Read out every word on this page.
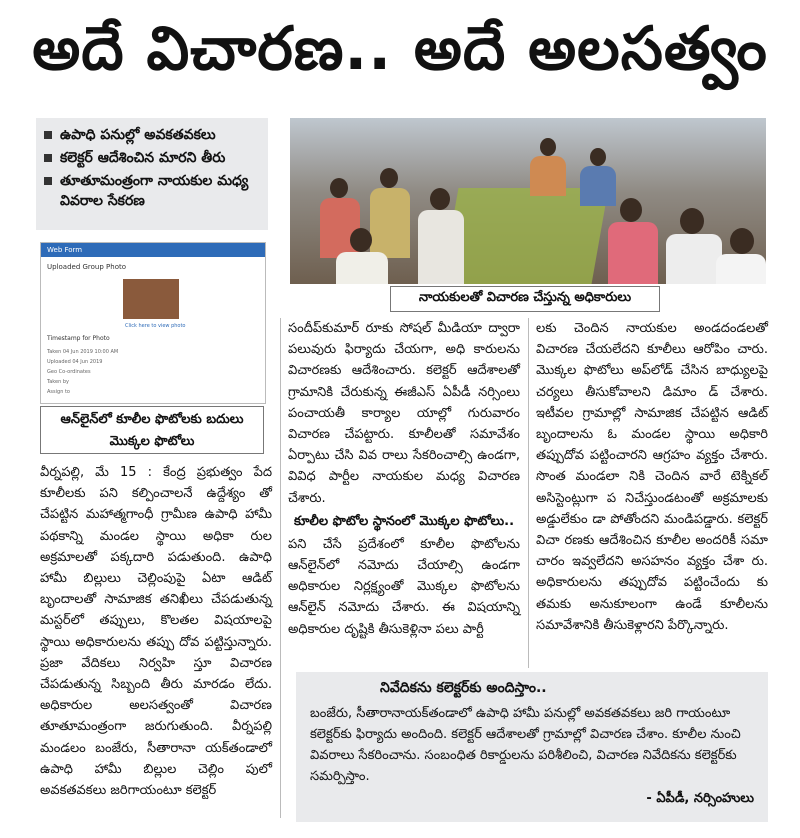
అదే విచారణ.. అదే అలసత్వం
ఉపాధి పనుల్లో అవకతవకలు
కలెక్టర్ ఆదేశించిన మారని తీరు
తూతూమంత్రంగా నాయకుల మధ్య వివరాల సేకరణ
నాయకులతో విచారణ చేస్తున్న అధికారులు
Web Form
Uploaded Group Photo
Click here to view photo
Timestamp for Photo
Taken 04 Jun 2019 10:00 AM
Uploaded 04 Jun 2019
Geo Co-ordinates
Taken by
Assign to
ఆన్‌లైన్‌లో కూలీల ఫొటోలకు బదులు మొక్కల ఫొటోలు
వీర్నపల్లి, మే 15 : కేంద్ర ప్రభుత్వం పేద కూలీలకు పని కల్పించాలనే ఉద్దేశ్యం తో చేపట్టిన మహాత్మగాంధీ గ్రామీణ ఉపాధి హామీ పథకాన్ని మండల స్థాయి అధికా రుల అక్రమాలతో పక్కదారి పడుతుంది. ఉపాధి హామీ బిల్లులు చెల్లింపుపై ఏటా ఆడిట్ బృందాలతో సామాజిక తనిఖీలు చేపడుతున్న మస్టర్‌లో తప్పులు, కొలతల విషయాలపై స్థాయి అధికారులను తప్పు దోవ పట్టిస్తున్నారు. ప్రజా వేదికలు నిర్వహి స్తూ విచారణ చేపడుతున్న సిబ్బంది తీరు మారడం లేదు. అధికారుల అలసత్వంతో విచారణ తూతూమంత్రంగా జరుగుతుంది. వీర్నపల్లి మండలం బంజేరు, సీతారానా యక్‌తండాలో ఉపాధి హామీ బిల్లుల చెల్లిం పులో అవకతవకలు జరిగాయంటూ కలెక్టర్
సందీప్‌కుమార్ రూకు సోషల్ మీడియా ద్వారా పలువురు ఫిర్యాదు చేయగా, అధి కారులను విచారణకు ఆదేశించారు. కలెక్టర్ ఆదేశాలతో గ్రామానికి చేరుకున్న ఈజీఎస్ ఏపీడీ నర్సింలు పంచాయతీ కార్యాల యాల్లో గురువారం విచారణ చేపట్టారు. కూలీలతో సమావేశం ఏర్పాటు చేసి వివ రాలు సేకరించాల్సి ఉండగా, వివిధ పార్టీల నాయకుల మధ్య విచారణ చేశారు.
కూలీల ఫొటోల స్థానంలో మొక్కల ఫొటోలు..
పని చేసే ప్రదేశంలో కూలీల ఫొటోలను ఆన్‌లైన్‌లో నమోదు చేయాల్సి ఉండగా అధికారుల నిర్లక్ష్యంతో మొక్కల ఫొటోలను ఆన్‌లైన్ నమోదు చేశారు. ఈ విషయాన్ని అధికారుల దృష్టికి తీసుకెళ్లినా పలు పార్టీ
లకు చెందిన నాయకుల అండదండలతో విచారణ చేయలేదని కూలీలు ఆరోపిం చారు. మొక్కల ఫొటోలు అప్‌లోడ్ చేసిన బాధ్యులపై చర్యలు తీసుకోవాలని డిమాం డ్ చేశారు. ఇటీవల గ్రామాల్లో సామాజిక చేపట్టిన ఆడిట్ బృందాలను ఓ మండల స్థాయి అధికారి తప్పుదోవ పట్టించారని ఆగ్రహం వ్యక్తం చేశారు. సొంత మండలా నికి చెందిన వారే టెక్నికల్ అసిస్టెంట్లుగా ప నిచేస్తుండటంతో అక్రమాలకు అడ్డులేకుం డా పోతోందని మండిపడ్డారు. కలెక్టర్ విచా రణకు ఆదేశించిన కూలీల అందరికీ సమా చారం ఇవ్వలేదని అసహనం వ్యక్తం చేశా రు. అధికారులను తప్పుదోవ పట్టించేందు కు తమకు అనుకూలంగా ఉండే కూలీలను సమావేశానికి తీసుకెళ్లారని పేర్కొన్నారు.
నివేదికను కలెక్టర్‌కు అందిస్తాం..
బంజేరు, సీతారానాయక్‌తండాలో ఉపాధి హామీ పనుల్లో అవకతవకలు జరి గాయంటూ కలెక్టర్‌కు ఫిర్యాదు అందింది. కలెక్టర్ ఆదేశాలతో గ్రామాల్లో విచారణ చేశాం. కూలీల నుంచి వివరాలు సేకరించాను. సంబంధిత రికార్డులను పరిశీలించి, విచారణ నివేదికను కలెక్టర్‌కు సమర్పిస్తాం.
- ఏపీడీ, నర్సింహులు
